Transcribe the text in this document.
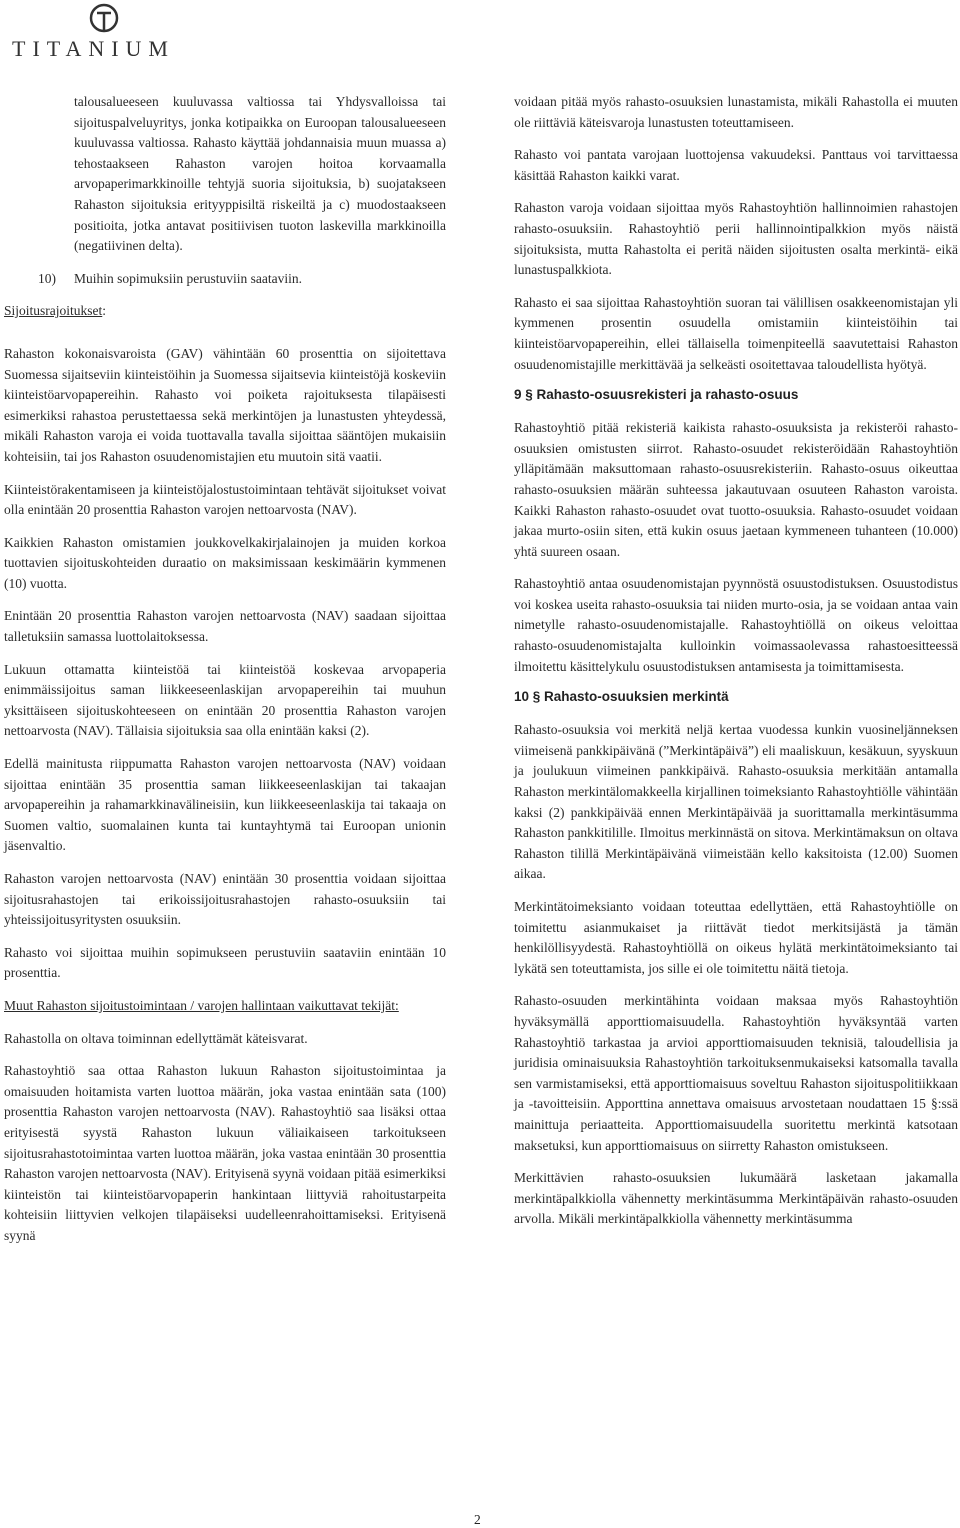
TITANIUM

talousalueeseen kuuluvassa valtiossa tai Yhdysvalloissa tai sijoituspalveluyritys, jonka kotipaikka on Euroopan talousalueeseen kuuluvassa valtiossa. Rahasto käyttää johdannaisia muun muassa a) tehostaakseen Rahaston varojen hoitoa korvaamalla arvopaperimarkkinoille tehtyjä suoria sijoituksia, b) suojatakseen Rahaston sijoituksia erityyppisiltä riskeiltä ja c) muodostaakseen positioita, jotka antavat positiivisen tuoton laskevilla markkinoilla (negatiivinen delta).

10) Muihin sopimuksiin perustuviin saataviin.

Sijoitusrajoitukset:

Rahaston kokonaisvaroista (GAV) vähintään 60 prosenttia on sijoitettava Suomessa sijaitseviin kiinteistöihin ja Suomessa sijaitsevia kiinteistöjä koskeviin kiinteistöarvopapereihin. Rahasto voi poiketa rajoituksesta tilapäisesti esimerkiksi rahastoa perustettaessa sekä merkintöjen ja lunastusten yhteydessä, mikäli Rahaston varoja ei voida tuottavalla tavalla sijoittaa sääntöjen mukaisiin kohteisiin, tai jos Rahaston osuudenomistajien etu muutoin sitä vaatii.

Kiinteistörakentamiseen ja kiinteistöjalostustoimintaan tehtävät sijoitukset voivat olla enintään 20 prosenttia Rahaston varojen nettoarvosta (NAV).

Kaikkien Rahaston omistamien joukkovelkakirjalainojen ja muiden korkoa tuottavien sijoituskohteiden duraatio on maksimissaan keskimäärin kymmenen (10) vuotta.

Enintään 20 prosenttia Rahaston varojen nettoarvosta (NAV) saadaan sijoittaa talletuksiin samassa luottolaitoksessa.

Lukuun ottamatta kiinteistöä tai kiinteistöä koskevaa arvopaperia enimmäissijoitus saman liikkeeseenlaskijan arvopapereihin tai muuhun yksittäiseen sijoituskohteeseen on enintään 20 prosenttia Rahaston varojen nettoarvosta (NAV). Tällaisia sijoituksia saa olla enintään kaksi (2).

Edellä mainitusta riippumatta Rahaston varojen nettoarvosta (NAV) voidaan sijoittaa enintään 35 prosenttia saman liikkeeseenlaskijan tai takaajan arvopapereihin ja rahamarkkinavälineisiin, kun liikkeeseenlaskija tai takaaja on Suomen valtio, suomalainen kunta tai kuntayhtymä tai Euroopan unionin jäsenvaltio.

Rahaston varojen nettoarvosta (NAV) enintään 30 prosenttia voidaan sijoittaa sijoitusrahastojen tai erikoissijoitusrahastojen rahasto-osuuksiin tai yhteissijoitusyritysten osuuksiin.

Rahasto voi sijoittaa muihin sopimukseen perustuviin saataviin enintään 10 prosenttia.

Muut Rahaston sijoitustoimintaan / varojen hallintaan vaikuttavat tekijät:

Rahastolla on oltava toiminnan edellyttämät käteisvarat.

Rahastoyhtiö saa ottaa Rahaston lukuun Rahaston sijoitustoimintaa ja omaisuuden hoitamista varten luottoa määrän, joka vastaa enintään sata (100) prosenttia Rahaston varojen nettoarvosta (NAV). Rahastoyhtiö saa lisäksi ottaa erityisestä syystä Rahaston lukuun väliaikaiseen tarkoitukseen sijoitusrahastotoimintaa varten luottoa määrän, joka vastaa enintään 30 prosenttia Rahaston varojen nettoarvosta (NAV). Erityisenä syynä voidaan pitää esimerkiksi kiinteistön tai kiinteistöarvopaperin hankintaan liittyviä rahoitustarpeita kohteisiin liittyvien velkojen tilapäiseksi uudelleenrahoittamiseksi. Erityisenä syynä

voidaan pitää myös rahasto-osuuksien lunastamista, mikäli Rahastolla ei muuten ole riittäviä käteisvaroja lunastusten toteuttamiseen.

Rahasto voi pantata varojaan luottojensa vakuudeksi. Panttaus voi tarvittaessa käsittää Rahaston kaikki varat.

Rahaston varoja voidaan sijoittaa myös Rahastoyhtiön hallinnoimien rahastojen rahasto-osuuksiin. Rahastoyhtiö perii hallinnointipalkkion myös näistä sijoituksista, mutta Rahastolta ei peritä näiden sijoitusten osalta merkintä- eikä lunastuspalkkiota.

Rahasto ei saa sijoittaa Rahastoyhtiön suoran tai välillisen osakkeenomistajan yli kymmenen prosentin osuudella omistamiin kiinteistöihin tai kiinteistöarvopapereihin, ellei tällaisella toimenpiteellä saavutettaisi Rahaston osuudenomistajille merkittävää ja selkeästi osoitettavaa taloudellista hyötyä.

9 § Rahasto-osuusrekisteri ja rahasto-osuus

Rahastoyhtiö pitää rekisteriä kaikista rahasto-osuuksista ja rekisteröi rahasto-osuuksien omistusten siirrot. Rahasto-osuudet rekisteröidään Rahastoyhtiön ylläpitämään maksuttomaan rahasto-osuusrekisteriin. Rahasto-osuus oikeuttaa rahasto-osuuksien määrän suhteessa jakautuvaan osuuteen Rahaston varoista. Kaikki Rahaston rahasto-osuudet ovat tuotto-osuuksia. Rahasto-osuudet voidaan jakaa murto-osiin siten, että kukin osuus jaetaan kymmeneen tuhanteen (10.000) yhtä suureen osaan.

Rahastoyhtiö antaa osuudenomistajan pyynnöstä osuustodistuksen. Osuustodistus voi koskea useita rahasto-osuuksia tai niiden murto-osia, ja se voidaan antaa vain nimetylle rahasto-osuudenomistajalle. Rahastoyhtiöllä on oikeus veloittaa rahasto-osuudenomistajalta kulloinkin voimassaolevassa rahastoesitteessä ilmoitettu käsittelykulu osuustodistuksen antamisesta ja toimittamisesta.

10 § Rahasto-osuuksien merkintä

Rahasto-osuuksia voi merkitä neljä kertaa vuodessa kunkin vuosineljänneksen viimeisenä pankkipäivänä (”Merkintäpäivä”) eli maaliskuun, kesäkuun, syyskuun ja joulukuun viimeinen pankkipäivä. Rahasto-osuuksia merkitään antamalla Rahaston merkintälomakkeella kirjallinen toimeksianto Rahastoyhtiölle vähintään kaksi (2) pankkipäivää ennen Merkintäpäivää ja suorittamalla merkintäsumma Rahaston pankkitilille. Ilmoitus merkinnästä on sitova. Merkintämaksun on oltava Rahaston tilillä Merkintäpäivänä viimeistään kello kaksitoista (12.00) Suomen aikaa.

Merkintätoimeksianto voidaan toteuttaa edellyttäen, että Rahastoyhtiölle on toimitettu asianmukaiset ja riittävät tiedot merkitsijästä ja tämän henkilöllisyydestä. Rahastoyhtiöllä on oikeus hylätä merkintätoimeksianto tai lykätä sen toteuttamista, jos sille ei ole toimitettu näitä tietoja.

Rahasto-osuuden merkintähinta voidaan maksaa myös Rahastoyhtiön hyväksymällä apporttiomaisuudella. Rahastoyhtiön hyväksyntää varten Rahastoyhtiö tarkastaa ja arvioi apporttiomaisuuden teknisiä, taloudellisia ja juridisia ominaisuuksia Rahastoyhtiön tarkoituksenmukaiseksi katsomalla tavalla sen varmistamiseksi, että apporttiomaisuus soveltuu Rahaston sijoituspolitiikkaan ja -tavoitteisiin. Apporttina annettava omaisuus arvostetaan noudattaen 15 §:ssä mainittuja periaatteita. Apporttiomaisuudella suoritettu merkintä katsotaan maksetuksi, kun apporttiomaisuus on siirretty Rahaston omistukseen.

Merkittävien rahasto-osuuksien lukumäärä lasketaan jakamalla merkintäpalkkiolla vähennetty merkintäsumma Merkintäpäivän rahasto-osuuden arvolla. Mikäli merkintäpalkkiolla vähennetty merkintäsumma

2
